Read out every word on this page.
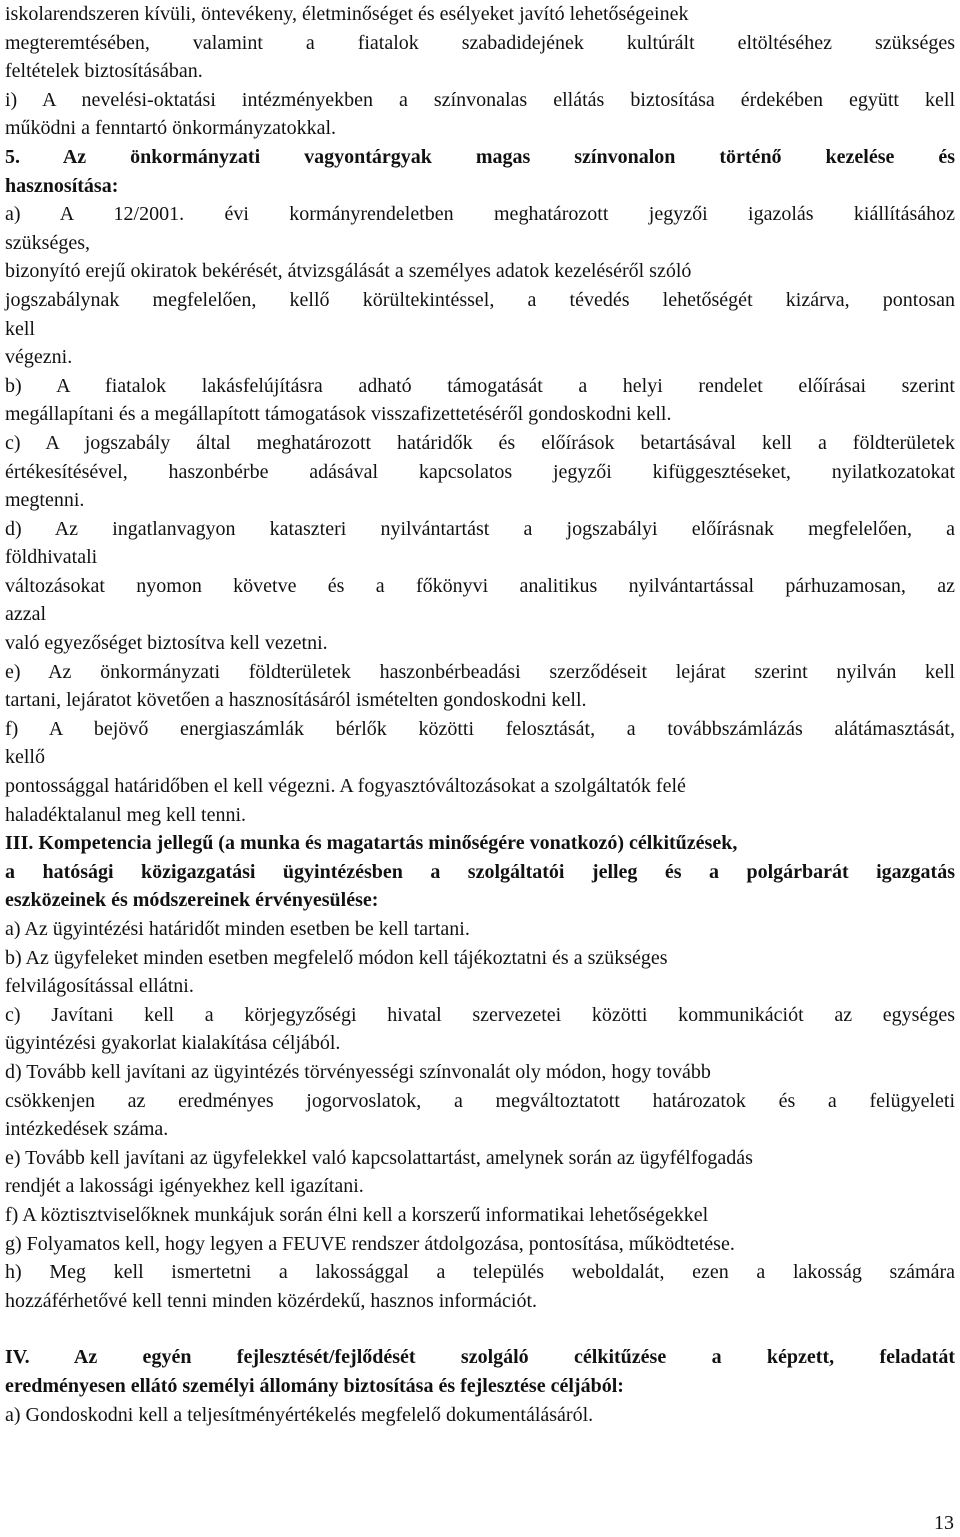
iskolarendszeren kívüli, öntevékeny, életminőséget és esélyeket javító lehetőségeinek
megteremtésében, valamint a fiatalok szabadidejének kultúrált eltöltéséhez szükséges
feltételek biztosításában.
i) A nevelési-oktatási intézményekben a színvonalas ellátás biztosítása érdekében együtt kell
működni a fenntartó önkormányzatokkal.
5. Az önkormányzati vagyontárgyak magas színvonalon történő kezelése és
hasznosítása:
a) A 12/2001. évi kormányrendeletben meghatározott jegyzői igazolás kiállításához
szükséges,
bizonyító erejű okiratok bekérését, átvizsgálását a személyes adatok kezeléséről szóló
jogszabálynak megfelelően, kellő körültekintéssel, a tévedés lehetőségét kizárva, pontosan
kell
végezni.
b) A fiatalok lakásfelújításra adható támogatását a helyi rendelet előírásai szerint
megállapítani és a megállapított támogatások visszafizettetéséről gondoskodni kell.
c) A jogszabály által meghatározott határidők és előírások betartásával kell a földterületek
értékesítésével, haszonbérbe adásával kapcsolatos jegyzői kifüggesztéseket, nyilatkozatokat
megtenni.
d) Az ingatlanvagyon kataszteri nyilvántartást a jogszabályi előírásnak megfelelően, a
földhivatali
változásokat nyomon követve és a főkönyvi analitikus nyilvántartással párhuzamosan, az
azzal
való egyezőséget biztosítva kell vezetni.
e) Az önkormányzati földterületek haszonbérbeadási szerződéseit lejárat szerint nyilván kell
tartani, lejáratot követően a hasznosításáról ismételten gondoskodni kell.
f) A bejövő energiaszámlák bérlők közötti felosztását, a továbbszámlázás alátámasztását,
kellő
pontossággal határidőben el kell végezni. A fogyasztóváltozásokat a szolgáltatók felé
haladéktalanul meg kell tenni.
III. Kompetencia jellegű (a munka és magatartás minőségére vonatkozó) célkitűzések,
a hatósági közigazgatási ügyintézésben a szolgáltatói jelleg és a polgárbarát igazgatás
eszközeinek és módszereinek érvényesülése:
a) Az ügyintézési határidőt minden esetben be kell tartani.
b) Az ügyfeleket minden esetben megfelelő módon kell tájékoztatni és a szükséges
felvilágosítással ellátni.
c) Javítani kell a körjegyzőségi hivatal szervezetei közötti kommunikációt az egységes
ügyintézési gyakorlat kialakítása céljából.
d) Tovább kell javítani az ügyintézés törvényességi színvonalát oly módon, hogy tovább
csökkenjen az eredményes jogorvoslatok, a megváltoztatott határozatok és a felügyeleti
intézkedések száma.
e) Tovább kell javítani az ügyfelekkel való kapcsolattartást, amelynek során az ügyfélfogadás
rendjét a lakossági igényekhez kell igazítani.
f) A köztisztviselőknek munkájuk során élni kell a korszerű informatikai lehetőségekkel
g) Folyamatos kell, hogy legyen a FEUVE rendszer átdolgozása, pontosítása, működtetése.
h) Meg kell ismertetni a lakossággal a település weboldalát, ezen a lakosság számára
hozzáférhetővé kell tenni minden közérdekű, hasznos információt.
IV. Az egyén fejlesztését/fejlődését szolgáló célkitűzése a képzett, feladatát
eredményesen ellátó személyi állomány biztosítása és fejlesztése céljából:
a) Gondoskodni kell a teljesítményértékelés megfelelő dokumentálásáról.
13
